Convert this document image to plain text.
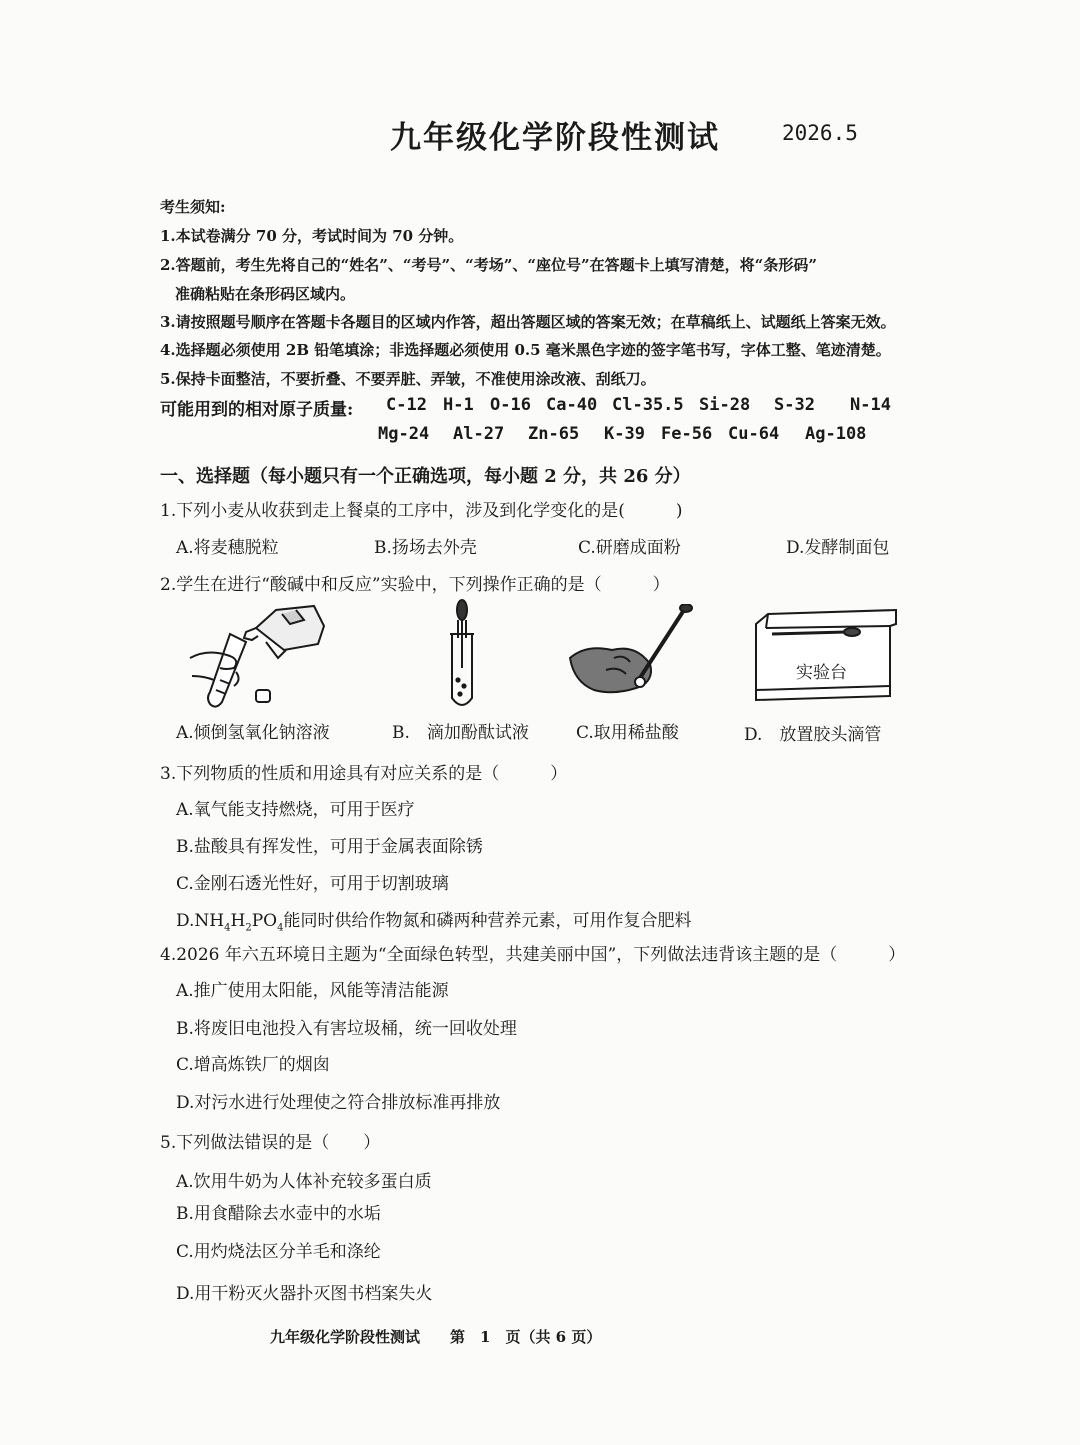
九年级化学阶段性测试	2026.5
考生须知:
1.本试卷满分 70 分，考试时间为 70 分钟。
2.答题前，考生先将自己的“姓名”、“考号”、“考场”、“座位号”在答题卡上填写清楚，将“条形码”
准确粘贴在条形码区域内。
3.请按照题号顺序在答题卡各题目的区域内作答，超出答题区域的答案无效；在草稿纸上、试题纸上答案无效。
4.选择题必须使用 2B 铅笔填涂；非选择题必须使用 0.5 毫米黑色字迹的签字笔书写，字体工整、笔迹清楚。
5.保持卡面整洁，不要折叠、不要弄脏、弄皱，不准使用涂改液、刮纸刀。
可能用到的相对原子质量: C-12 H-1 O-16 Ca-40 Cl-35.5 Si-28 S-32 N-14
Mg-24 Al-27 Zn-65 K-39 Fe-56 Cu-64 Ag-108
一、选择题（每小题只有一个正确选项，每小题 2 分，共 26 分）
1.下列小麦从收获到走上餐桌的工序中，涉及到化学变化的是(　　　)
A.将麦穗脱粒	B.扬场去外壳	C.研磨成面粉	D.发酵制面包
2.学生在进行“酸碱中和反应”实验中，下列操作正确的是（　　　）
实验台
A.倾倒氢氧化钠溶液	B.　滴加酚酞试液	C.取用稀盐酸	D.　放置胶头滴管
3.下列物质的性质和用途具有对应关系的是（　　　）
A.氧气能支持燃烧，可用于医疗
B.盐酸具有挥发性，可用于金属表面除锈
C.金刚石透光性好，可用于切割玻璃
$D.NH_4H_2PO_4$能同时供给作物氮和磷两种营养元素，可用作复合肥料
4.2026 年六五环境日主题为“全面绿色转型，共建美丽中国”，下列做法违背该主题的是（　　　）
A.推广使用太阳能，风能等清洁能源
B.将废旧电池投入有害垃圾桶，统一回收处理
C.增高炼铁厂的烟囱
D.对污水进行处理使之符合排放标准再排放
5.下列做法错误的是（　　）
A.饮用牛奶为人体补充较多蛋白质
B.用食醋除去水壶中的水垢
C.用灼烧法区分羊毛和涤纶
D.用干粉灭火器扑灭图书档案失火
九年级化学阶段性测试　　第　1　页（共 6 页）
